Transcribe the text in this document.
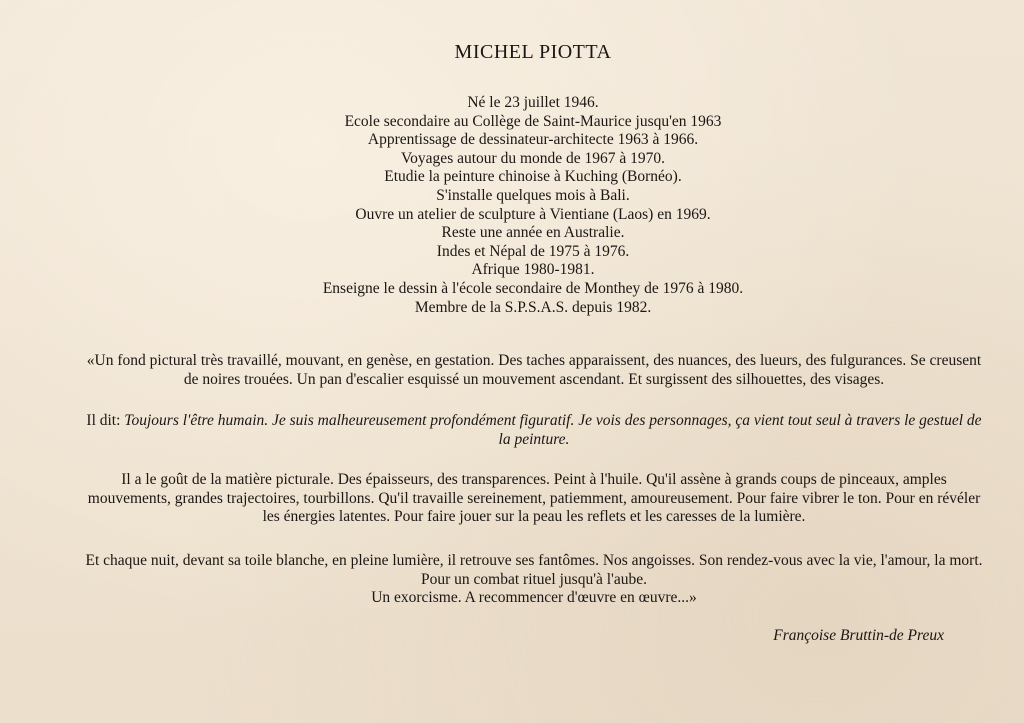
MICHEL PIOTTA
Né le 23 juillet 1946.
Ecole secondaire au Collège de Saint-Maurice jusqu'en 1963
Apprentissage de dessinateur-architecte 1963 à 1966.
Voyages autour du monde de 1967 à 1970.
Etudie la peinture chinoise à Kuching (Bornéo).
S'installe quelques mois à Bali.
Ouvre un atelier de sculpture à Vientiane (Laos) en 1969.
Reste une année en Australie.
Indes et Népal de 1975 à 1976.
Afrique 1980-1981.
Enseigne le dessin à l'école secondaire de Monthey de 1976 à 1980.
Membre de la S.P.S.A.S. depuis 1982.
«Un fond pictural très travaillé, mouvant, en genèse, en gestation. Des taches apparaissent, des nuances, des lueurs, des fulgurances. Se creusent de noires trouées. Un pan d'escalier esquissé un mouvement ascendant. Et surgissent des silhouettes, des visages.
Il dit: Toujours l'être humain. Je suis malheureusement profondément figuratif. Je vois des personnages, ça vient tout seul à travers le gestuel de la peinture.
Il a le goût de la matière picturale. Des épaisseurs, des transparences. Peint à l'huile. Qu'il assène à grands coups de pinceaux, amples mouvements, grandes trajectoires, tourbillons. Qu'il travaille sereinement, patiemment, amoureusement. Pour faire vibrer le ton. Pour en révéler les énergies latentes. Pour faire jouer sur la peau les reflets et les caresses de la lumière.
Et chaque nuit, devant sa toile blanche, en pleine lumière, il retrouve ses fantômes. Nos angoisses. Son rendez-vous avec la vie, l'amour, la mort. Pour un combat rituel jusqu'à l'aube.
Un exorcisme. A recommencer d'œuvre en œuvre...»
Françoise Bruttin-de Preux
